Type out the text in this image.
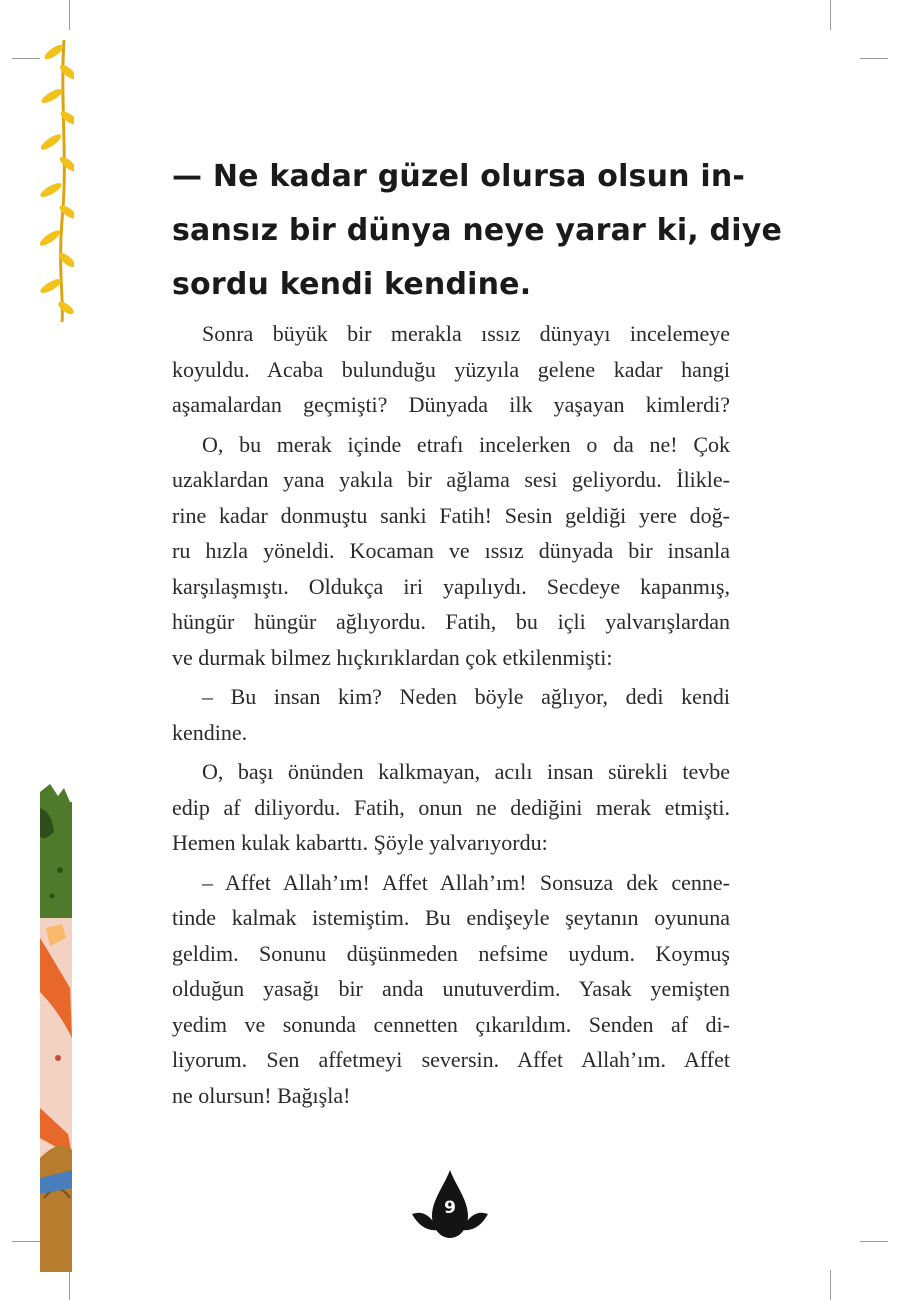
— Ne kadar güzel olursa olsun in-
sansız bir dünya neye yarar ki, diye
sordu kendi kendine.

Sonra büyük bir merakla ıssız dünyayı incelemeye
koyuldu. Acaba bulunduğu yüzyıla gelene kadar hangi
aşamalardan geçmişti? Dünyada ilk yaşayan kimlerdi?

O, bu merak içinde etrafı incelerken o da ne! Çok
uzaklardan yana yakıla bir ağlama sesi geliyordu. İlikle-
rine kadar donmuştu sanki Fatih! Sesin geldiği yere doğ-
ru hızla yöneldi. Kocaman ve ıssız dünyada bir insanla
karşılaşmıştı. Oldukça iri yapılıydı. Secdeye kapanmış,
hüngür hüngür ağlıyordu. Fatih, bu içli yalvarışlardan
ve durmak bilmez hıçkırıklardan çok etkilenmişti:

– Bu insan kim? Neden böyle ağlıyor, dedi kendi
kendine.

O, başı önünden kalkmayan, acılı insan sürekli tevbe
edip af diliyordu. Fatih, onun ne dediğini merak etmişti.
Hemen kulak kabarttı. Şöyle yalvarıyordu:

– Affet Allah’ım! Affet Allah’ım! Sonsuza dek cenne-
tinde kalmak istemiştim. Bu endişeyle şeytanın oyununa
geldim. Sonunu düşünmeden nefsime uydum. Koymuş
olduğun yasağı bir anda unutuverdim. Yasak yemişten
yedim ve sonunda cennetten çıkarıldım. Senden af di-
liyorum. Sen affetmeyi seversin. Affet Allah’ım. Affet
ne olursun! Bağışla!

9
